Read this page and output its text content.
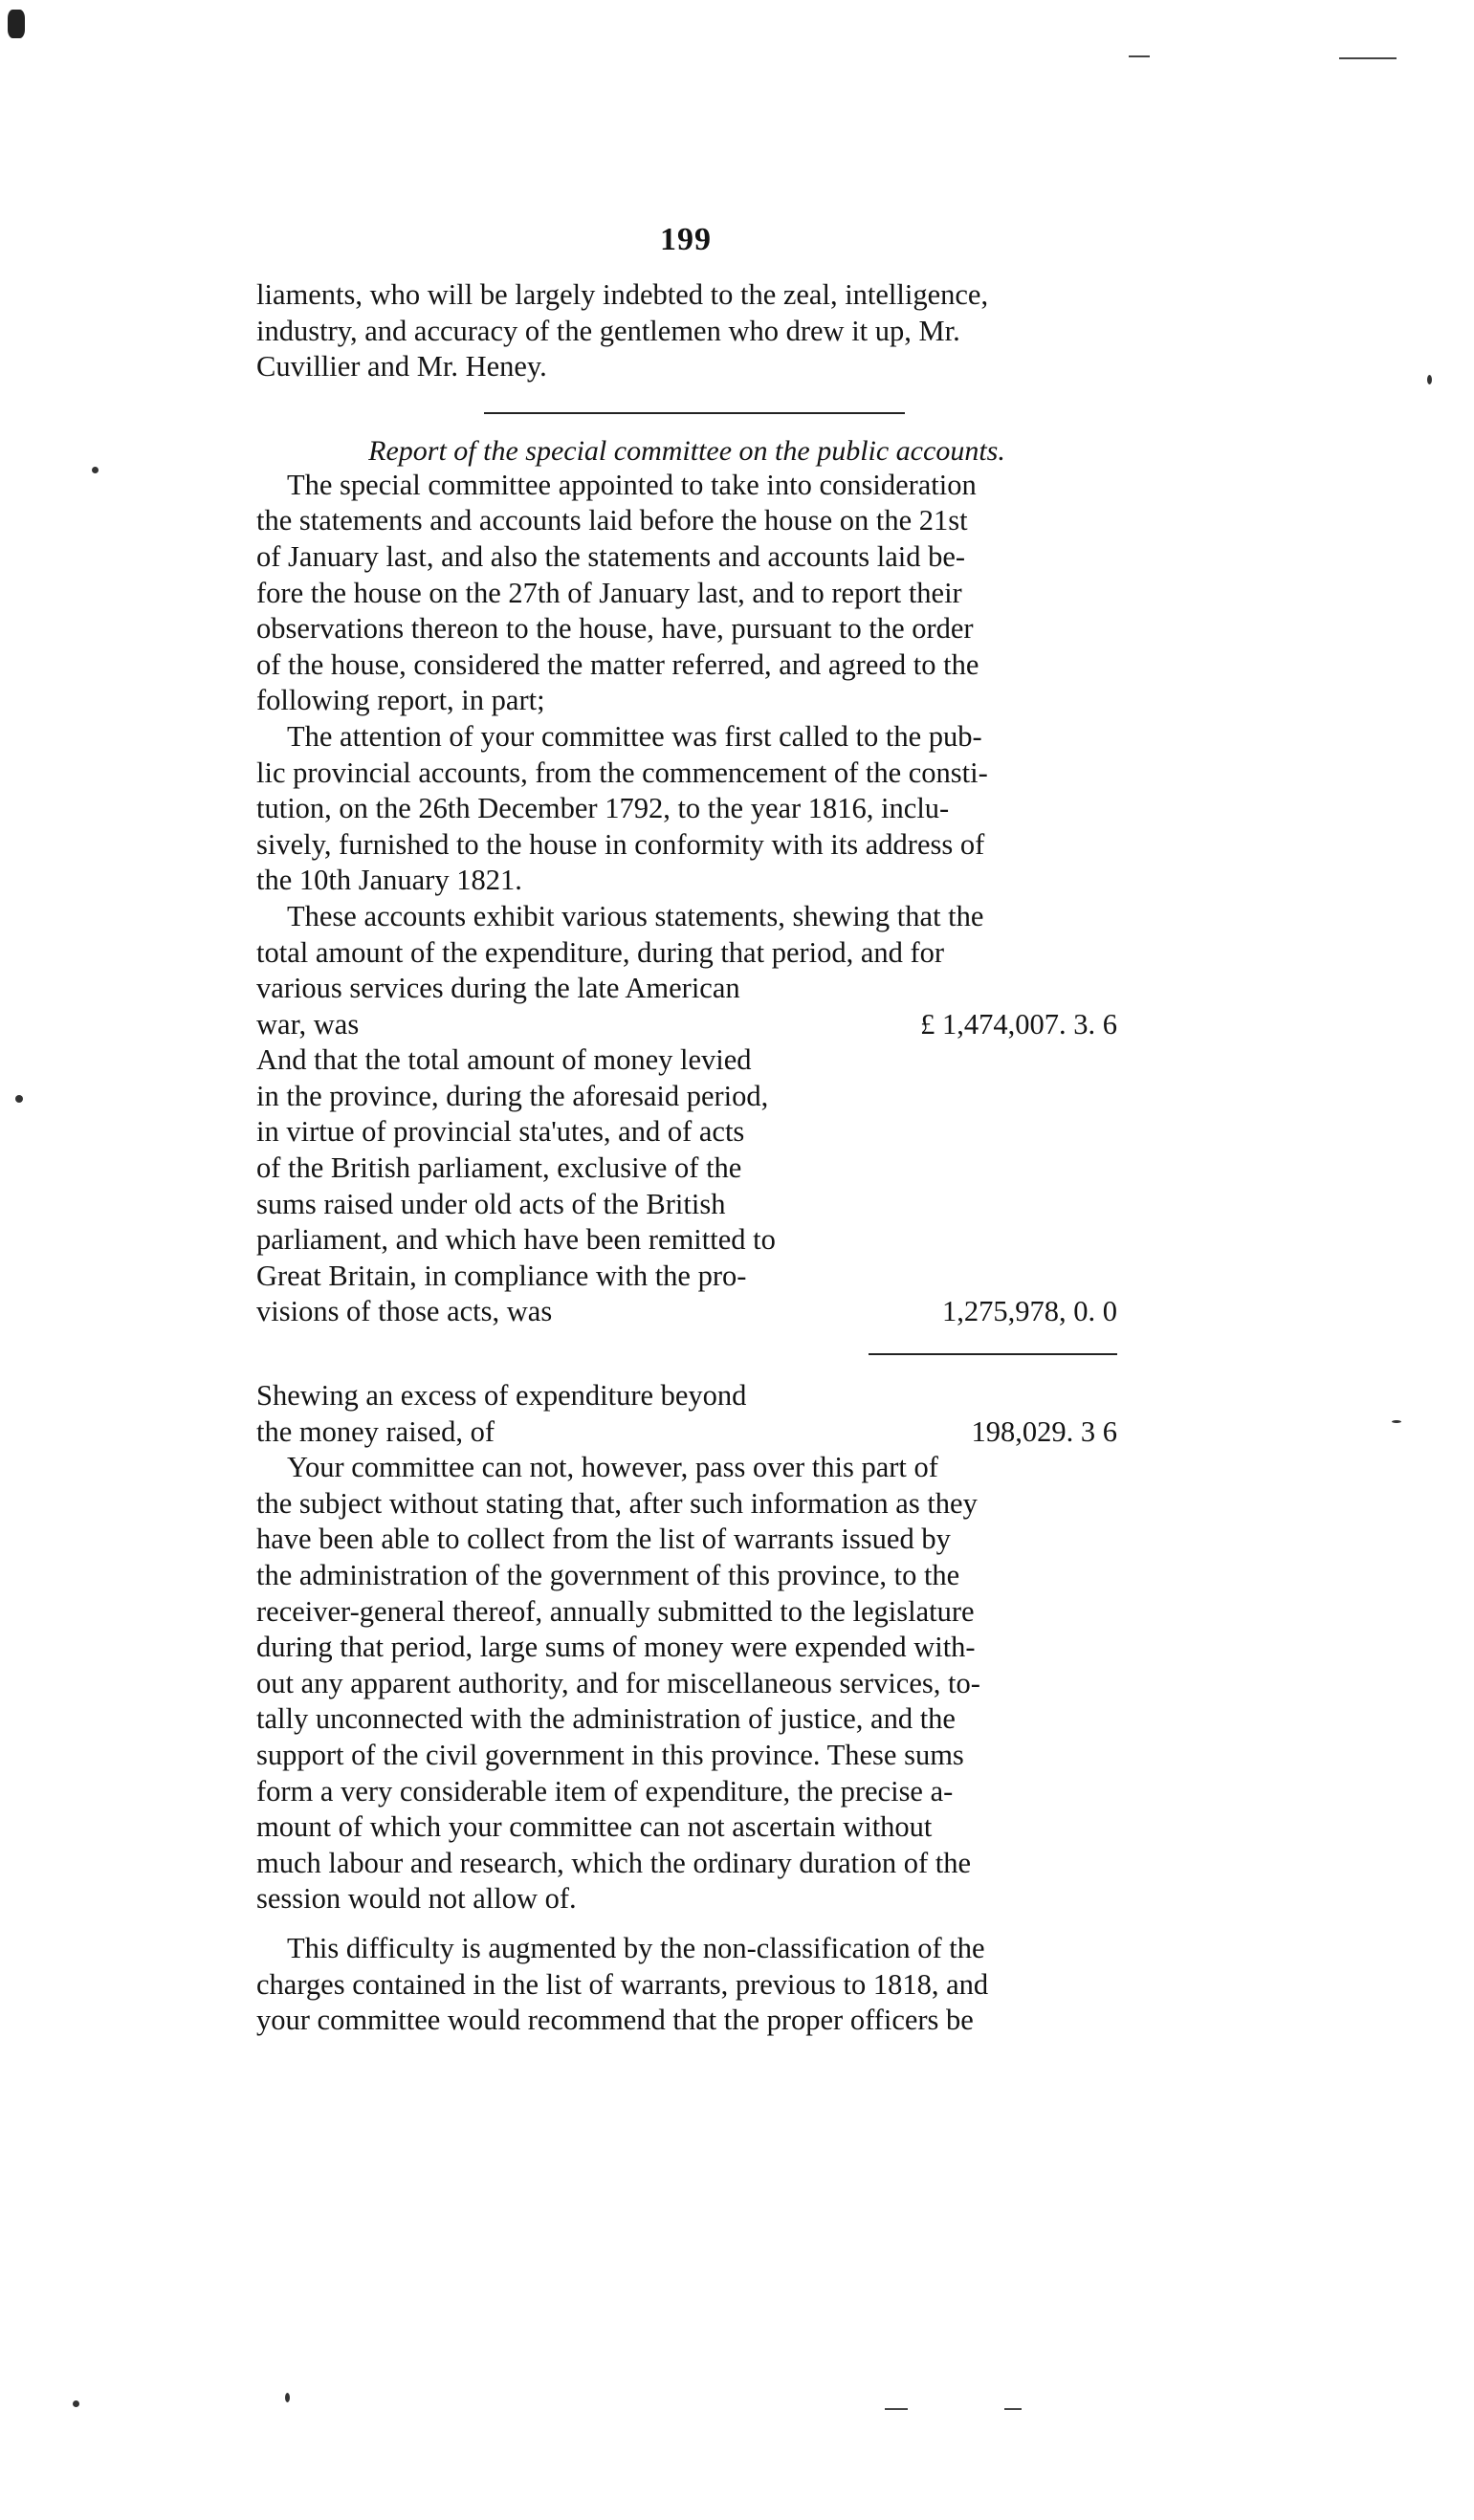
199

liaments, who will be largely indebted to the zeal, intelligence,
industry, and accuracy of the gentlemen who drew it up, Mr.
Cuvillier and Mr. Heney.

Report of the special committee on the public accounts.

The special committee appointed to take into consideration
the statements and accounts laid before the house on the 21st
of January last, and also the statements and accounts laid be-
fore the house on the 27th of January last, and to report their
observations thereon to the house, have, pursuant to the order
of the house, considered the matter referred, and agreed to the
following report, in part;

The attention of your committee was first called to the pub-
lic provincial accounts, from the commencement of the consti-
tution, on the 26th December 1792, to the year 1816, inclu-
sively, furnished to the house in conformity with its address of
the 10th January 1821.

These accounts exhibit various statements, shewing that the
total amount of the expenditure, during that period, and for
various services during the late American

war, was	£ 1,474,007. 3. 6
And that the total amount of money levied
in the province, during the aforesaid period,
in virtue of provincial sta'utes, and of acts
of the British parliament, exclusive of the
sums raised under old acts of the British
parliament, and which have been remitted to
Great Britain, in compliance with the pro-
visions of those acts, was	1,275,978, 0. 0
Shewing an excess of expenditure beyond
the money raised, of	198,029. 3 6

Your committee can not, however, pass over this part of
the subject without stating that, after such information as they
have been able to collect from the list of warrants issued by
the administration of the government of this province, to the
receiver-general thereof, annually submitted to the legislature
during that period, large sums of money were expended with-
out any apparent authority, and for miscellaneous services, to-
tally unconnected with the administration of justice, and the
support of the civil government in this province. These sums
form a very considerable item of expenditure, the precise a-
mount of which your committee can not ascertain without
much labour and research, which the ordinary duration of the
session would not allow of.

This difficulty is augmented by the non-classification of the
charges contained in the list of warrants, previous to 1818, and
your committee would recommend that the proper officers be
